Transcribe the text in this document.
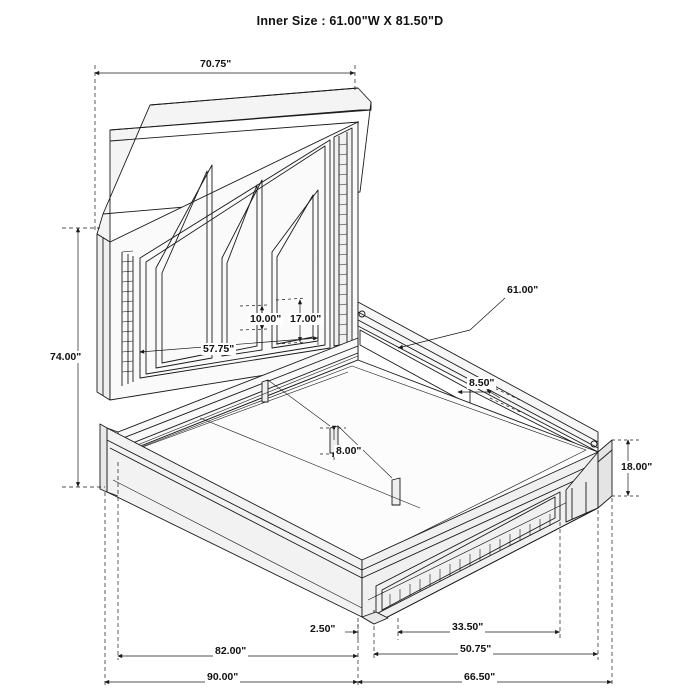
Inner Size : 61.00"W X 81.50"D
70.75"
74.00"
57.75"
17.00"
10.00"
61.00"
8.50"
8.00"
18.00"
2.50"	33.50"
50.75"
82.00"
90.00"	66.50"
